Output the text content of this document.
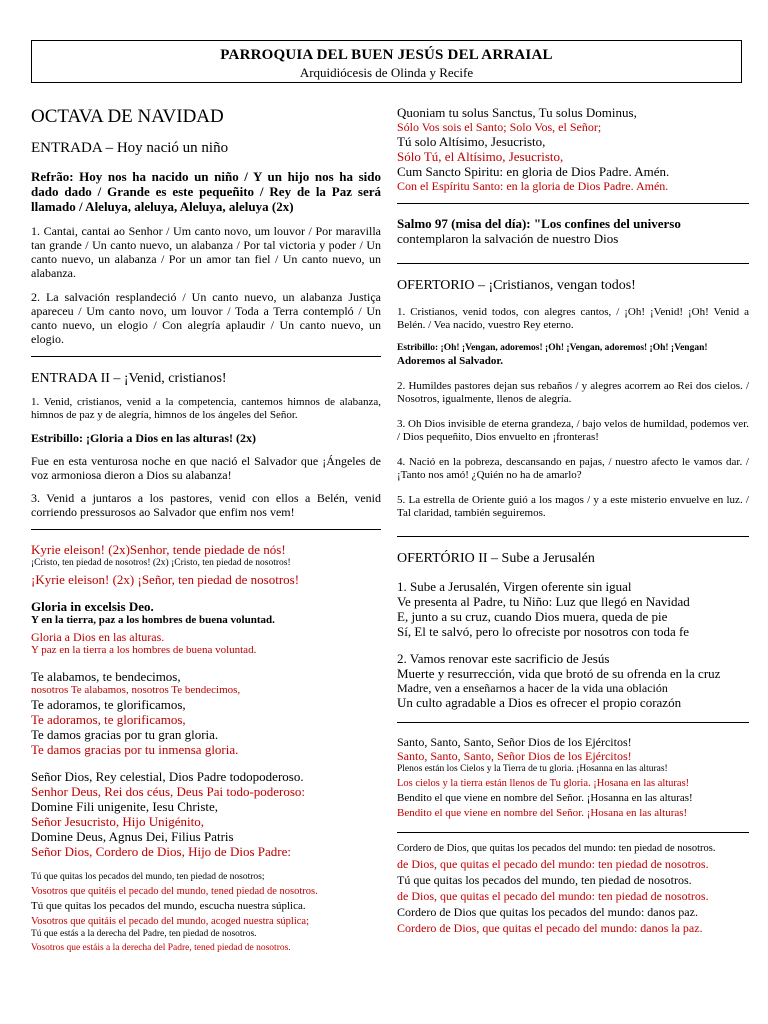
PARROQUIA DEL BUEN JESÚS DEL ARRAIAL
Arquidiócesis de Olinda y Recife

OCTAVA DE NAVIDAD

ENTRADA – Hoy nació un niño

Refrão: Hoy nos ha nacido un niño / Y un hijo nos ha sido dado dado / Grande es este pequeñito / Rey de la Paz será llamado / Aleluya, aleluya, Aleluya, aleluya (2x)

1. Cantai, cantai ao Senhor / Um canto novo, um louvor / Por maravilla tan grande / Un canto nuevo, un alabanza / Por tal victoria y poder / Un canto nuevo, un alabanza / Por un amor tan fiel / Un canto nuevo, un alabanza.

2. La salvación resplandeció / Un canto nuevo, un alabanza Justiça apareceu / Um canto novo, um louvor / Toda a Terra contempló / Un canto nuevo, un elogio / Con alegría aplaudir / Un canto nuevo, un elogio.

ENTRADA II – ¡Venid, cristianos!

1. Venid, cristianos, venid a la competencia, cantemos himnos de alabanza, himnos de paz y de alegría, himnos de los ángeles del Señor.

Estribillo: ¡Gloria a Dios en las alturas! (2x)

Fue en esta venturosa noche en que nació el Salvador que ¡Ángeles de voz armoniosa dieron a Dios su alabanza!

3. Venid a juntaros a los pastores, venid con ellos a Belén, venid corriendo pressurosos ao Salvador que enfim nos vem!

Kyrie eleison! (2x)Senhor, tende piedade de nós!

¡Cristo, ten piedad de nosotros! (2x) ¡Cristo, ten piedad de nosotros!

¡Kyrie eleison! (2x) ¡Señor, ten piedad de nosotros!

Gloria in excelsis Deo.

Y en la tierra, paz a los hombres de buena voluntad.

Gloria a Dios en las alturas.

Y paz en la tierra a los hombres de buena voluntad.

Te alabamos, te bendecimos,

nosotros Te alabamos, nosotros Te bendecimos,

Te adoramos, te glorificamos,

Te adoramos, te glorificamos,

Te damos gracias por tu gran gloria.

Te damos gracias por tu inmensa gloria.

Señor Dios, Rey celestial, Dios Padre todopoderoso.

Senhor Deus, Rei dos céus, Deus Pai todo-poderoso:

Domine Fili unigenite, Iesu Christe,

Señor Jesucristo, Hijo Unigénito,

Domine Deus, Agnus Dei, Filius Patris

Señor Dios, Cordero de Dios, Hijo de Dios Padre:

Tú que quitas los pecados del mundo, ten piedad de nosotros;

Vosotros que quitéis el pecado del mundo, tened piedad de nosotros.

Tú que quitas los pecados del mundo, escucha nuestra súplica.

Vosotros que quitáis el pecado del mundo, acoged nuestra súplica;

Tú que estás a la derecha del Padre, ten piedad de nosotros.

Vosotros que estáis a la derecha del Padre, tened piedad de nosotros.

Quoniam tu solus Sanctus, Tu solus Dominus,

Sólo Vos sois el Santo; Solo Vos, el Señor;

Tú solo Altísimo, Jesucristo,

Sólo Tú, el Altísimo, Jesucristo,

Cum Sancto Spiritu: en gloria de Dios Padre. Amén.

Con el Espíritu Santo: en la gloria de Dios Padre. Amén.

Salmo 97 (misa del día): "Los confines del universo

contemplaron la salvación de nuestro Dios

OFERTORIO – ¡Cristianos, vengan todos!

1. Cristianos, venid todos, con alegres cantos, / ¡Oh! ¡Venid! ¡Oh! Venid a Belén. / Vea nacido, vuestro Rey eterno.

Estribillo: ¡Oh! ¡Vengan, adoremos! ¡Oh! ¡Vengan, adoremos! ¡Oh! ¡Vengan!

Adoremos al Salvador.

2. Humildes pastores dejan sus rebaños / y alegres acorrem ao Rei dos cielos. / Nosotros, igualmente, llenos de alegría.

3. Oh Dios invisible de eterna grandeza, / bajo velos de humildad, podemos ver. / Dios pequeñito, Dios envuelto en ¡fronteras!

4. Nació en la pobreza, descansando en pajas, / nuestro afecto le vamos dar. / ¡Tanto nos amó! ¿Quién no ha de amarlo?

5. La estrella de Oriente guió a los magos / y a este misterio envuelve en luz. / Tal claridad, también seguiremos.

OFERTÓRIO II – Sube a Jerusalén

1. Sube a Jerusalén, Virgen oferente sin igual

Ve presenta al Padre, tu Niño: Luz que llegó en Navidad

E, junto a su cruz, cuando Dios muera, queda de pie

Sí, El te salvó, pero lo ofreciste por nosotros con toda fe

2. Vamos renovar este sacrificio de Jesús

Muerte y resurrección, vida que brotó de su ofrenda en la cruz

Madre, ven a enseñarnos a hacer de la vida una oblación

Un culto agradable a Dios es ofrecer el propio corazón

Santo, Santo, Santo, Señor Dios de los Ejércitos!

Santo, Santo, Santo, Señor Dios de los Ejércitos!

Plenos están los Cielos y la Tierra de tu gloria. ¡Hosanna en las alturas!

Los cielos y la tierra están llenos de Tu gloria. ¡Hosana en las alturas!

Bendito el que viene en nombre del Señor. ¡Hosanna en las alturas!

Bendito el que viene en nombre del Señor. ¡Hosana en las alturas!

Cordero de Dios, que quitas los pecados del mundo: ten piedad de nosotros.

de Dios, que quitas el pecado del mundo: ten piedad de nosotros.

Tú que quitas los pecados del mundo, ten piedad de nosotros.

de Dios, que quitas el pecado del mundo: ten piedad de nosotros.

Cordero de Dios que quitas los pecados del mundo: danos paz.

Cordero de Dios, que quitas el pecado del mundo: danos la paz.
